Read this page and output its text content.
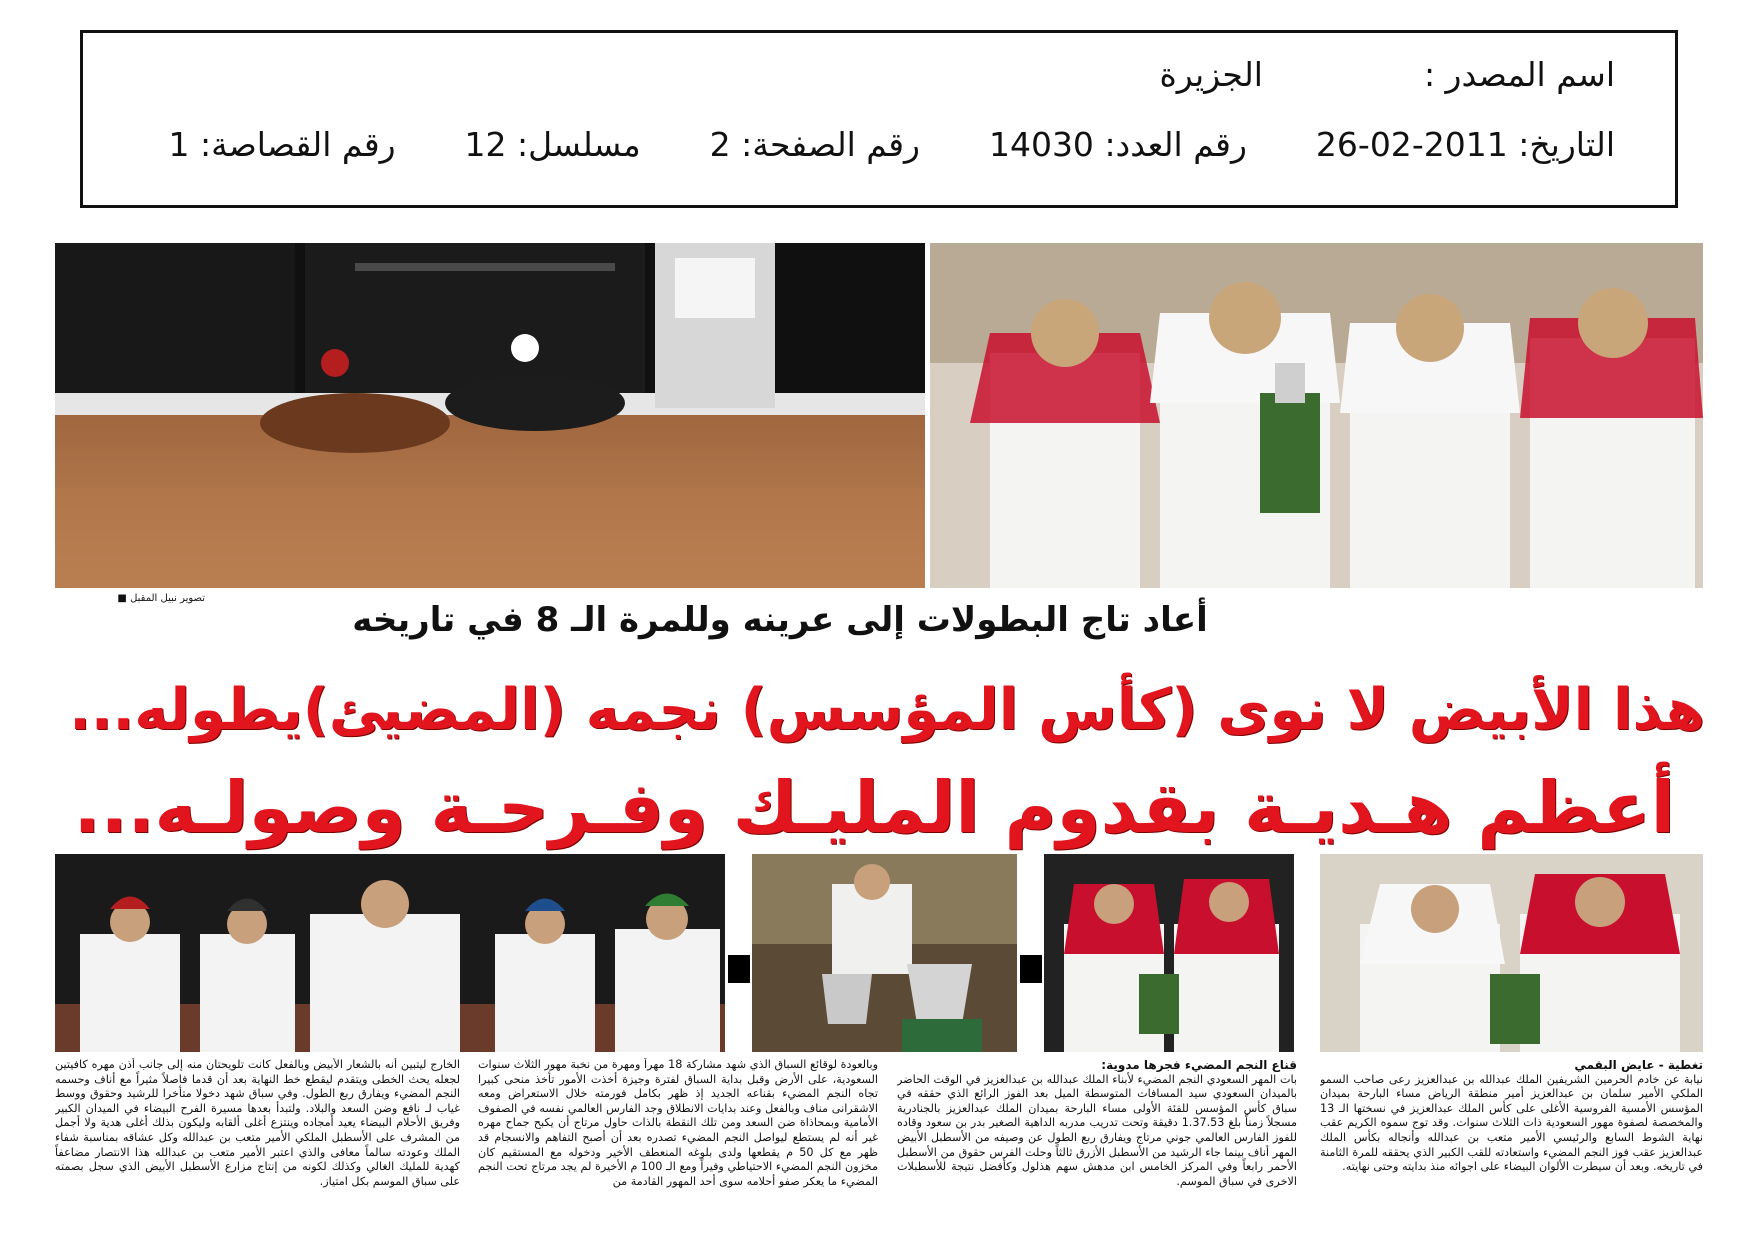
اسم المصدر :  الجزيرة
التاريخ: 2011-02-26  رقم العدد: 14030  رقم الصفحة: 2  مسلسل: 12  رقم القصاصة: 1
تصوير نبيل المقبل ■
أعاد تاج البطولات إلى عرينه وللمرة الـ 8 في تاريخه
هذا الأبيض لا نوى (كأس المؤسس) نجمه (المضيئ)يطوله...
أعظم هـديـة بقدوم المليـك وفـرحـة وصولـه...
تغطية - عايض البقمي
نيابة عن خادم الحرمين الشريفين الملك عبدالله بن عبدالعزيز رعى صاحب السمو الملكي الأمير سلمان بن عبدالعزيز أمير منطقة الرياض مساء البارحة بميدان المؤسس الأمسية الفروسية الأغلى على كأس الملك عبدالعزيز في نسختها الـ 13 والمخصصة لصفوة مهور السعودية ذات الثلاث سنوات. وقد توج سموه الكريم عقب نهاية الشوط السابع والرئيسي الأمير متعب بن عبدالله وأنجاله بكأس الملك عبدالعزيز عقب فوز النجم المضيء واستعادته للقب الكبير الذي يحققه للمرة الثامنة في تاريخه. وبعد أن سيطرت الألوان البيضاء على اجوائه منذ بدايته وحتى نهايته.
قناع النجم المضيء فجرها مدوية:
بات المهر السعودي النجم المضيء لأبناء الملك عبدالله بن عبدالعزيز في الوقت الحاضر بالميدان السعودي سيد المسافات المتوسطة الميل بعد الفوز الرائع الذي حققه في سباق كأس المؤسس للفئة الأولى مساء البارحة بميدان الملك عبدالعزيز بالجنادرية مسجلاً زمناً بلغ 1.37.53 دقيقة وتحت تدريب مدربه الداهية الصغير بدر بن سعود وقاده للفوز الفارس العالمي جوني مرتاج ويفارق ربع الطول عن وصيفه من الأسطبل الأبيض المهر أناف بينما جاء الرشيد من الأسطبل الأزرق ثالثاً وحلت الفرس حقوق من الأسطبل الأحمر رابعاً وفي المركز الخامس ابن مدهش سهم هذلول وكأفضل نتيجة للأسطبلات الاخرى في سباق الموسم.
وبالعودة لوقائع السباق الذي شهد مشاركة 18 مهراً ومهرة من نخبة مهور الثلاث سنوات السعودية، على الأرض وقبل بداية السباق لفترة وجيزة أخذت الأمور تأخذ منحى كبيرا تجاه النجم المضيء بقناعه الجديد إذ ظهر بكامل فورمته خلال الاستعراض ومعه الاشقرانى مناف وبالفعل وعند بدايات الانطلاق وجد الفارس العالمي نفسه في الصفوف الأمامية وبمحاذاة ضن السعد ومن تلك النقطة بالذات حاول مرتاج أن يكبح جماح مهره غير أنه لم يستطع ليواصل النجم المضيء تصدره بعد أن أصبح التفاهم والانسجام قد ظهر مع كل 50 م يقطعها ولدى بلوغه المنعطف الأخير ودخوله مع المستقيم كان مخزون النجم المضيء الاحتياطي وفيراً ومع الـ 100 م الأخيرة لم يجد مرتاج تحت النجم المضيء ما يعكر صفو أحلامه سوى أحد المهور القادمة من
الخارج ليتبين أنه بالشعار الأبيض وبالفعل كانت تلويحتان منه إلى جانب أذن مهره كافيتين لجعله يحث الخطى ويتقدم ليقطع خط النهاية بعد أن قدما فاصلاً مثيراً مع أناف وحسمه النجم المضيء ويفارق ربع الطول. وفي سباق شهد دخولا متأخرا للرشيد وحقوق ووسط غياب لـ نافع وضن السعد والبلاد. ولتبدأ بعدها مسيرة الفرح البيضاء في الميدان الكبير وفريق الأحلام البيضاء يعيد أمجاده وينتزع أغلى ألقابه وليكون بذلك أغلى هدية ولا أجمل من المشرف على الأسطبل الملكي الأمير متعب بن عبدالله وكل عشاقه بمناسبة شفاء الملك وعودته سالماً معافى والذي اعتبر الأمير متعب بن عبدالله هذا الانتصار مضاعفاً كهدية للمليك الغالي وكذلك لكونه من إنتاج مزارع الأسطبل الأبيض الذي سجل بصمته على سباق الموسم بكل امتياز.
